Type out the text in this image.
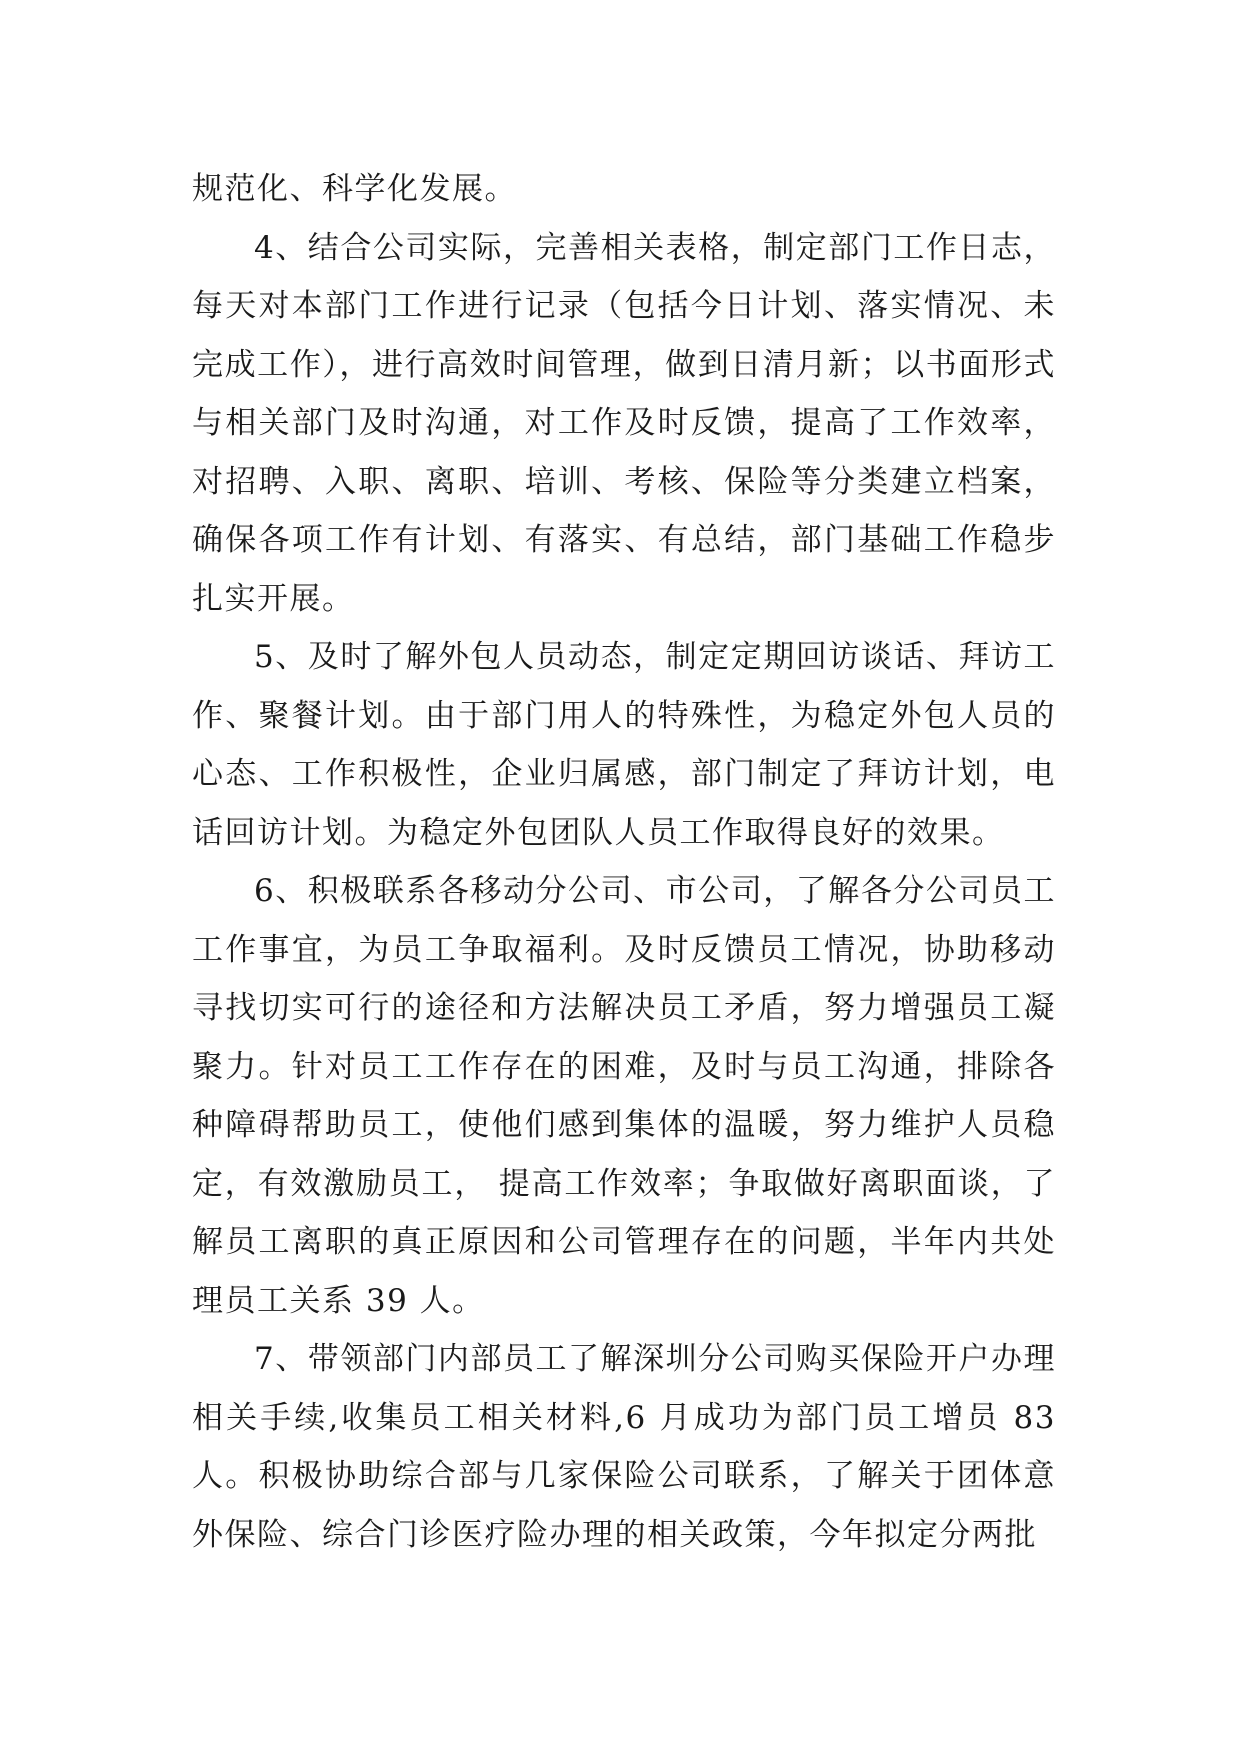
规范化、科学化发展。

4、结合公司实际，完善相关表格，制定部门工作日志，每天对本部门工作进行记录（包括今日计划、落实情况、未完成工作），进行高效时间管理，做到日清月新；以书面形式与相关部门及时沟通，对工作及时反馈，提高了工作效率，对招聘、入职、离职、培训、考核、保险等分类建立档案，确保各项工作有计划、有落实、有总结，部门基础工作稳步扎实开展。

5、及时了解外包人员动态，制定定期回访谈话、拜访工作、聚餐计划。由于部门用人的特殊性，为稳定外包人员的心态、工作积极性，企业归属感，部门制定了拜访计划，电话回访计划。为稳定外包团队人员工作取得良好的效果。

6、积极联系各移动分公司、市公司，了解各分公司员工工作事宜，为员工争取福利。及时反馈员工情况，协助移动寻找切实可行的途径和方法解决员工矛盾，努力增强员工凝聚力。针对员工工作存在的困难，及时与员工沟通，排除各种障碍帮助员工，使他们感到集体的温暖，努力维护人员稳定，有效激励员工， 提高工作效率；争取做好离职面谈，了解员工离职的真正原因和公司管理存在的问题，半年内共处理员工关系 39 人。

7、带领部门内部员工了解深圳分公司购买保险开户办理相关手续,收集员工相关材料,6 月成功为部门员工增员 83 人。积极协助综合部与几家保险公司联系，了解关于团体意外保险、综合门诊医疗险办理的相关政策，今年拟定分两批
